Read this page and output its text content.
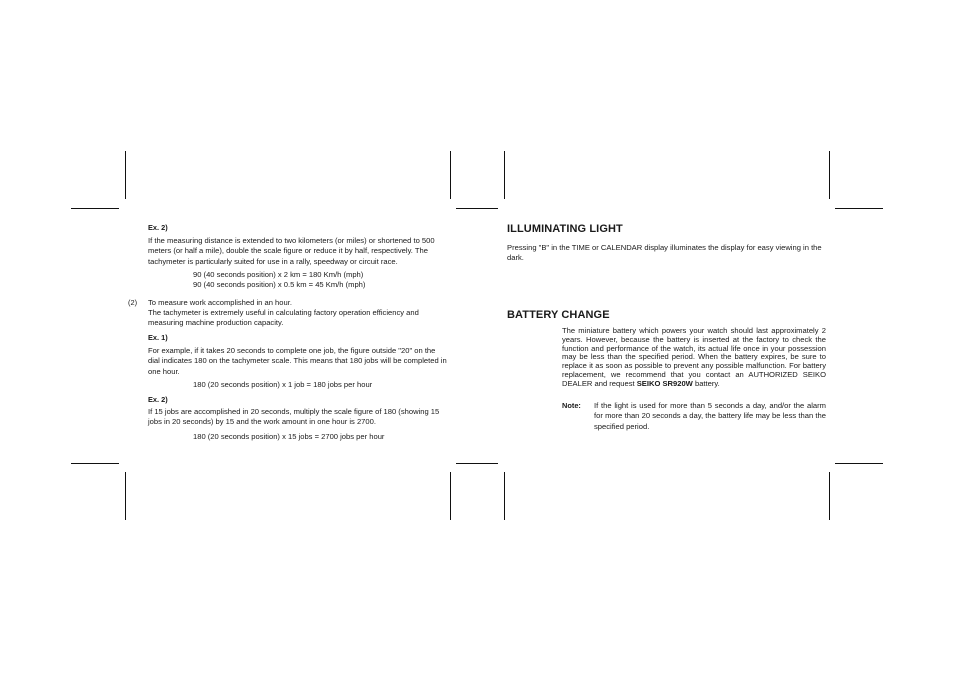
Ex. 2)
If the measuring distance is extended to two kilometers (or miles) or shortened to 500 meters (or half a mile), double the scale figure or reduce it by half, respectively. The tachymeter is particularly suited for use in a rally, speedway or circuit race.
90 (40 seconds position) x 2 km = 180 Km/h (mph)
90 (40 seconds position) x 0.5 km = 45 Km/h (mph)
(2) To measure work accomplished in an hour.
The tachymeter is extremely useful in calculating factory operation efficiency and measuring machine production capacity.
Ex. 1)
For example, if it takes 20 seconds to complete one job, the figure outside "20" on the dial indicates 180 on the tachymeter scale. This means that 180 jobs will be completed in one hour.
180 (20 seconds position) x 1 job = 180 jobs per hour
Ex. 2)
If 15 jobs are accomplished in 20 seconds, multiply the scale figure of 180 (showing 15 jobs in 20 seconds) by 15 and the work amount in one hour is 2700.
180 (20 seconds position) x 15 jobs = 2700 jobs per hour
ILLUMINATING LIGHT
Pressing "B" in the TIME or CALENDAR display illuminates the display for easy viewing in the dark.
BATTERY CHANGE
The miniature battery which powers your watch should last approximately 2 years. However, because the battery is inserted at the factory to check the function and performance of the watch, its actual life once in your possession may be less than the specified period. When the battery expires, be sure to replace it as soon as possible to prevent any possible malfunction. For battery replacement, we recommend that you contact an AUTHORIZED SEIKO DEALER and request SEIKO SR920W battery.
Note: If the light is used for more than 5 seconds a day, and/or the alarm for more than 20 seconds a day, the battery life may be less than the specified period.
